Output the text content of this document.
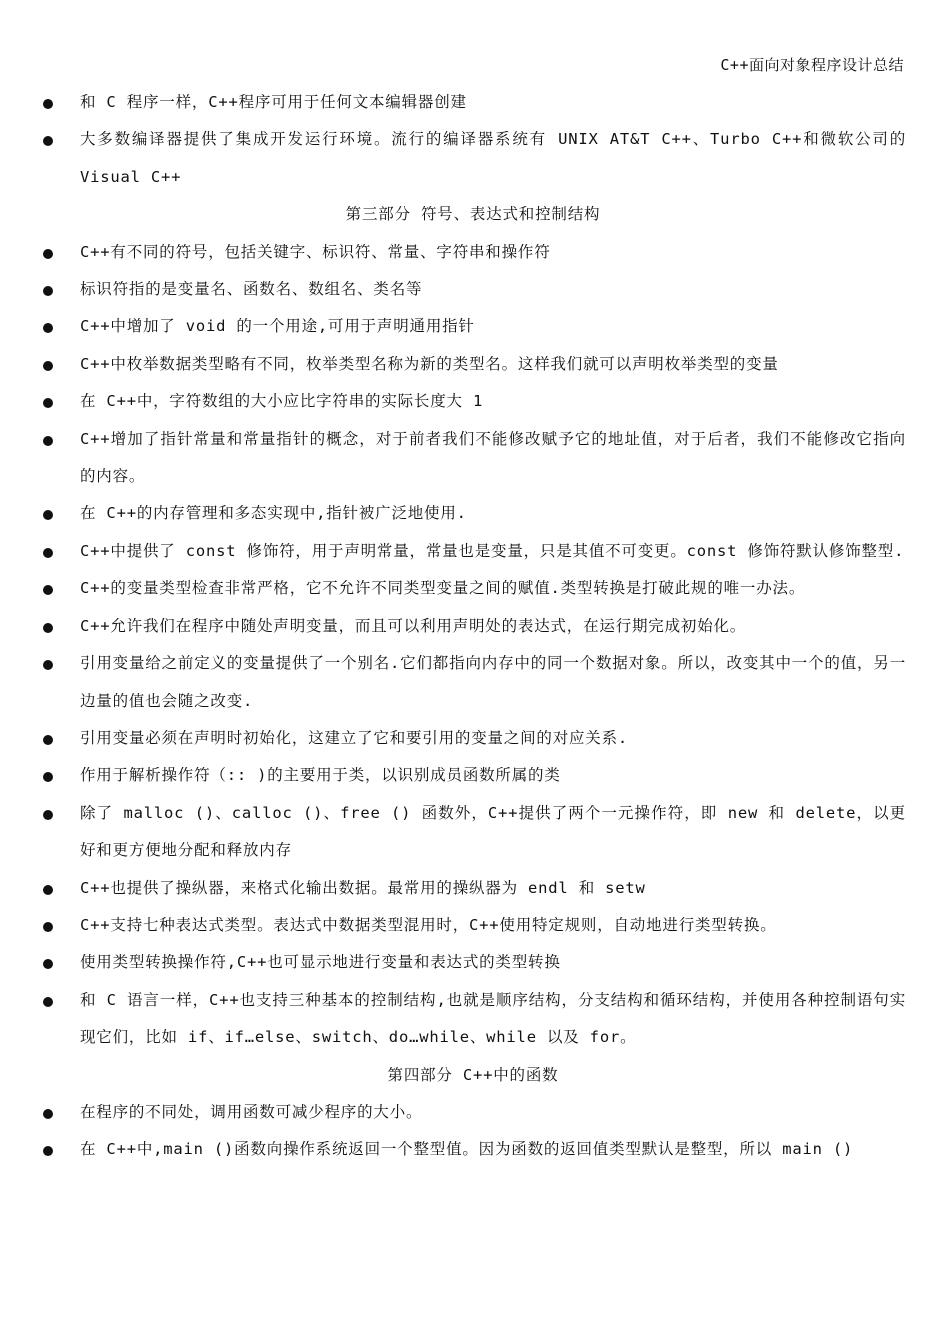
C++面向对象程序设计总结
和 C 程序一样，C++程序可用于任何文本编辑器创建
大多数编译器提供了集成开发运行环境。流行的编译器系统有 UNIX AT&T C++、Turbo C++和微软公司的 Visual C++
第三部分 符号、表达式和控制结构
C++有不同的符号，包括关键字、标识符、常量、字符串和操作符
标识符指的是变量名、函数名、数组名、类名等
C++中增加了 void 的一个用途,可用于声明通用指针
C++中枚举数据类型略有不同，枚举类型名称为新的类型名。这样我们就可以声明枚举类型的变量
在 C++中，字符数组的大小应比字符串的实际长度大 1
C++增加了指针常量和常量指针的概念，对于前者我们不能修改赋予它的地址值，对于后者，我们不能修改它指向的内容。
在 C++的内存管理和多态实现中,指针被广泛地使用.
C++中提供了 const 修饰符，用于声明常量，常量也是变量，只是其值不可变更。const 修饰符默认修饰整型.
C++的变量类型检查非常严格，它不允许不同类型变量之间的赋值.类型转换是打破此规的唯一办法。
C++允许我们在程序中随处声明变量，而且可以利用声明处的表达式，在运行期完成初始化。
引用变量给之前定义的变量提供了一个别名.它们都指向内存中的同一个数据对象。所以，改变其中一个的值，另一边量的值也会随之改变.
引用变量必须在声明时初始化，这建立了它和要引用的变量之间的对应关系.
作用于解析操作符（:: )的主要用于类，以识别成员函数所属的类
除了 malloc ()、calloc ()、free () 函数外，C++提供了两个一元操作符，即 new 和 delete，以更好和更方便地分配和释放内存
C++也提供了操纵器，来格式化输出数据。最常用的操纵器为 endl 和 setw
C++支持七种表达式类型。表达式中数据类型混用时，C++使用特定规则，自动地进行类型转换。
使用类型转换操作符,C++也可显示地进行变量和表达式的类型转换
和 C 语言一样，C++也支持三种基本的控制结构,也就是顺序结构，分支结构和循环结构，并使用各种控制语句实现它们，比如 if、if…else、switch、do…while、while 以及 for。
第四部分 C++中的函数
在程序的不同处，调用函数可减少程序的大小。
在 C++中,main ()函数向操作系统返回一个整型值。因为函数的返回值类型默认是整型，所以 main ()
